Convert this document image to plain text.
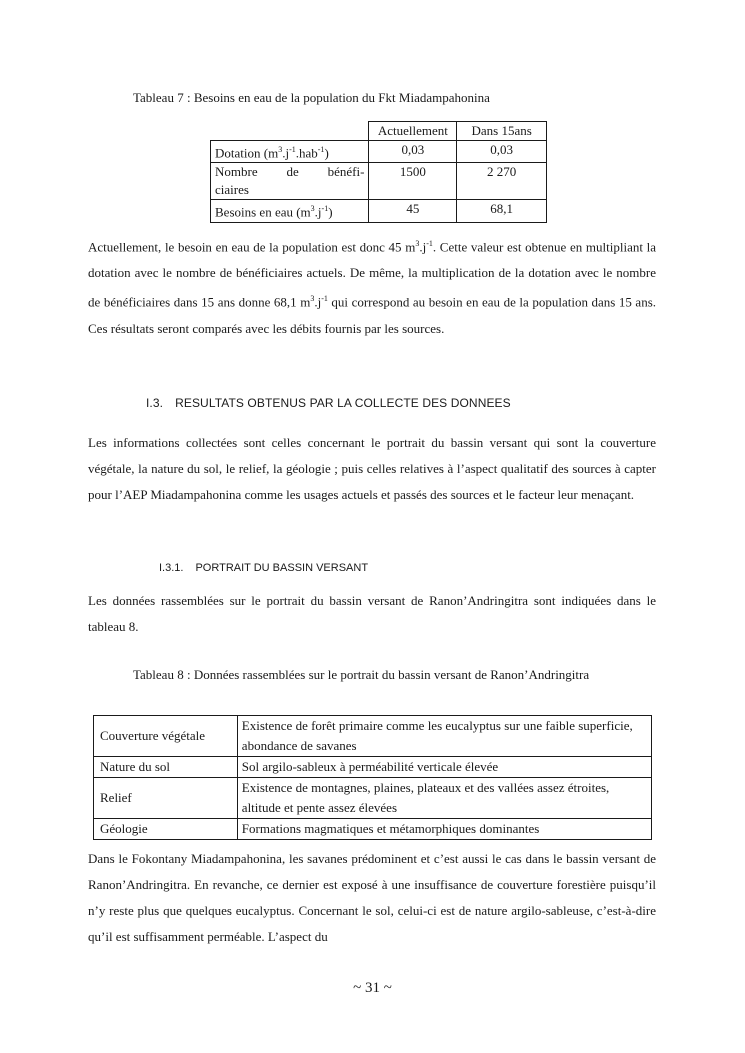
Tableau 7 : Besoins en eau de la population du Fkt Miadampahonina
	Actuellement	Dans 15ans
Dotation $(m^3.j^{-1}.hab^{-1})$	0,03	0,03

Nombre de bénéfi-
ciaires	1500	2 270
Besoins en eau $(m^3.j^{-1})$	45	68,1
Actuellement, le besoin en eau de la population est donc 45 $m^3.j^{-1}$. Cette valeur est obtenue en multipliant la dotation avec le nombre de bénéficiaires actuels. De même, la multiplication de la dotation avec le nombre de bénéficiaires dans 15 ans donne 68,1 $m^3.j^{-1}$ qui correspond au besoin en eau de la population dans 15 ans. Ces résultats seront comparés avec les débits fournis par les sources.
I.3. RESULTATS OBTENUS PAR LA COLLECTE DES DONNEES
Les informations collectées sont celles concernant le portrait du bassin versant qui sont la couverture végétale, la nature du sol, le relief, la géologie ; puis celles relatives à l’aspect qualitatif des sources à capter pour l’AEP Miadampahonina comme les usages actuels et passés des sources et le facteur leur menaçant.
I.3.1. PORTRAIT DU BASSIN VERSANT
Les données rassemblées sur le portrait du bassin versant de Ranon’Andringitra sont indiquées dans le tableau 8.
Tableau 8 : Données rassemblées sur le portrait du bassin versant de Ranon’Andringitra
Couverture végétale	Existence de forêt primaire comme les eucalyptus sur une faible superficie, abondance de savanes
Nature du sol	Sol argilo-sableux à perméabilité verticale élevée
Relief	Existence de montagnes, plaines, plateaux et des vallées assez étroites, altitude et pente assez élevées
Géologie	Formations magmatiques et métamorphiques dominantes
Dans le Fokontany Miadampahonina, les savanes prédominent et c’est aussi le cas dans le bassin versant de Ranon’Andringitra. En revanche, ce dernier est exposé à une insuffisance de couverture forestière puisqu’il n’y reste plus que quelques eucalyptus. Concernant le sol, celui-ci est de nature argilo-sableuse, c’est-à-dire qu’il est suffisamment perméable. L’aspect du
~ 31 ~
